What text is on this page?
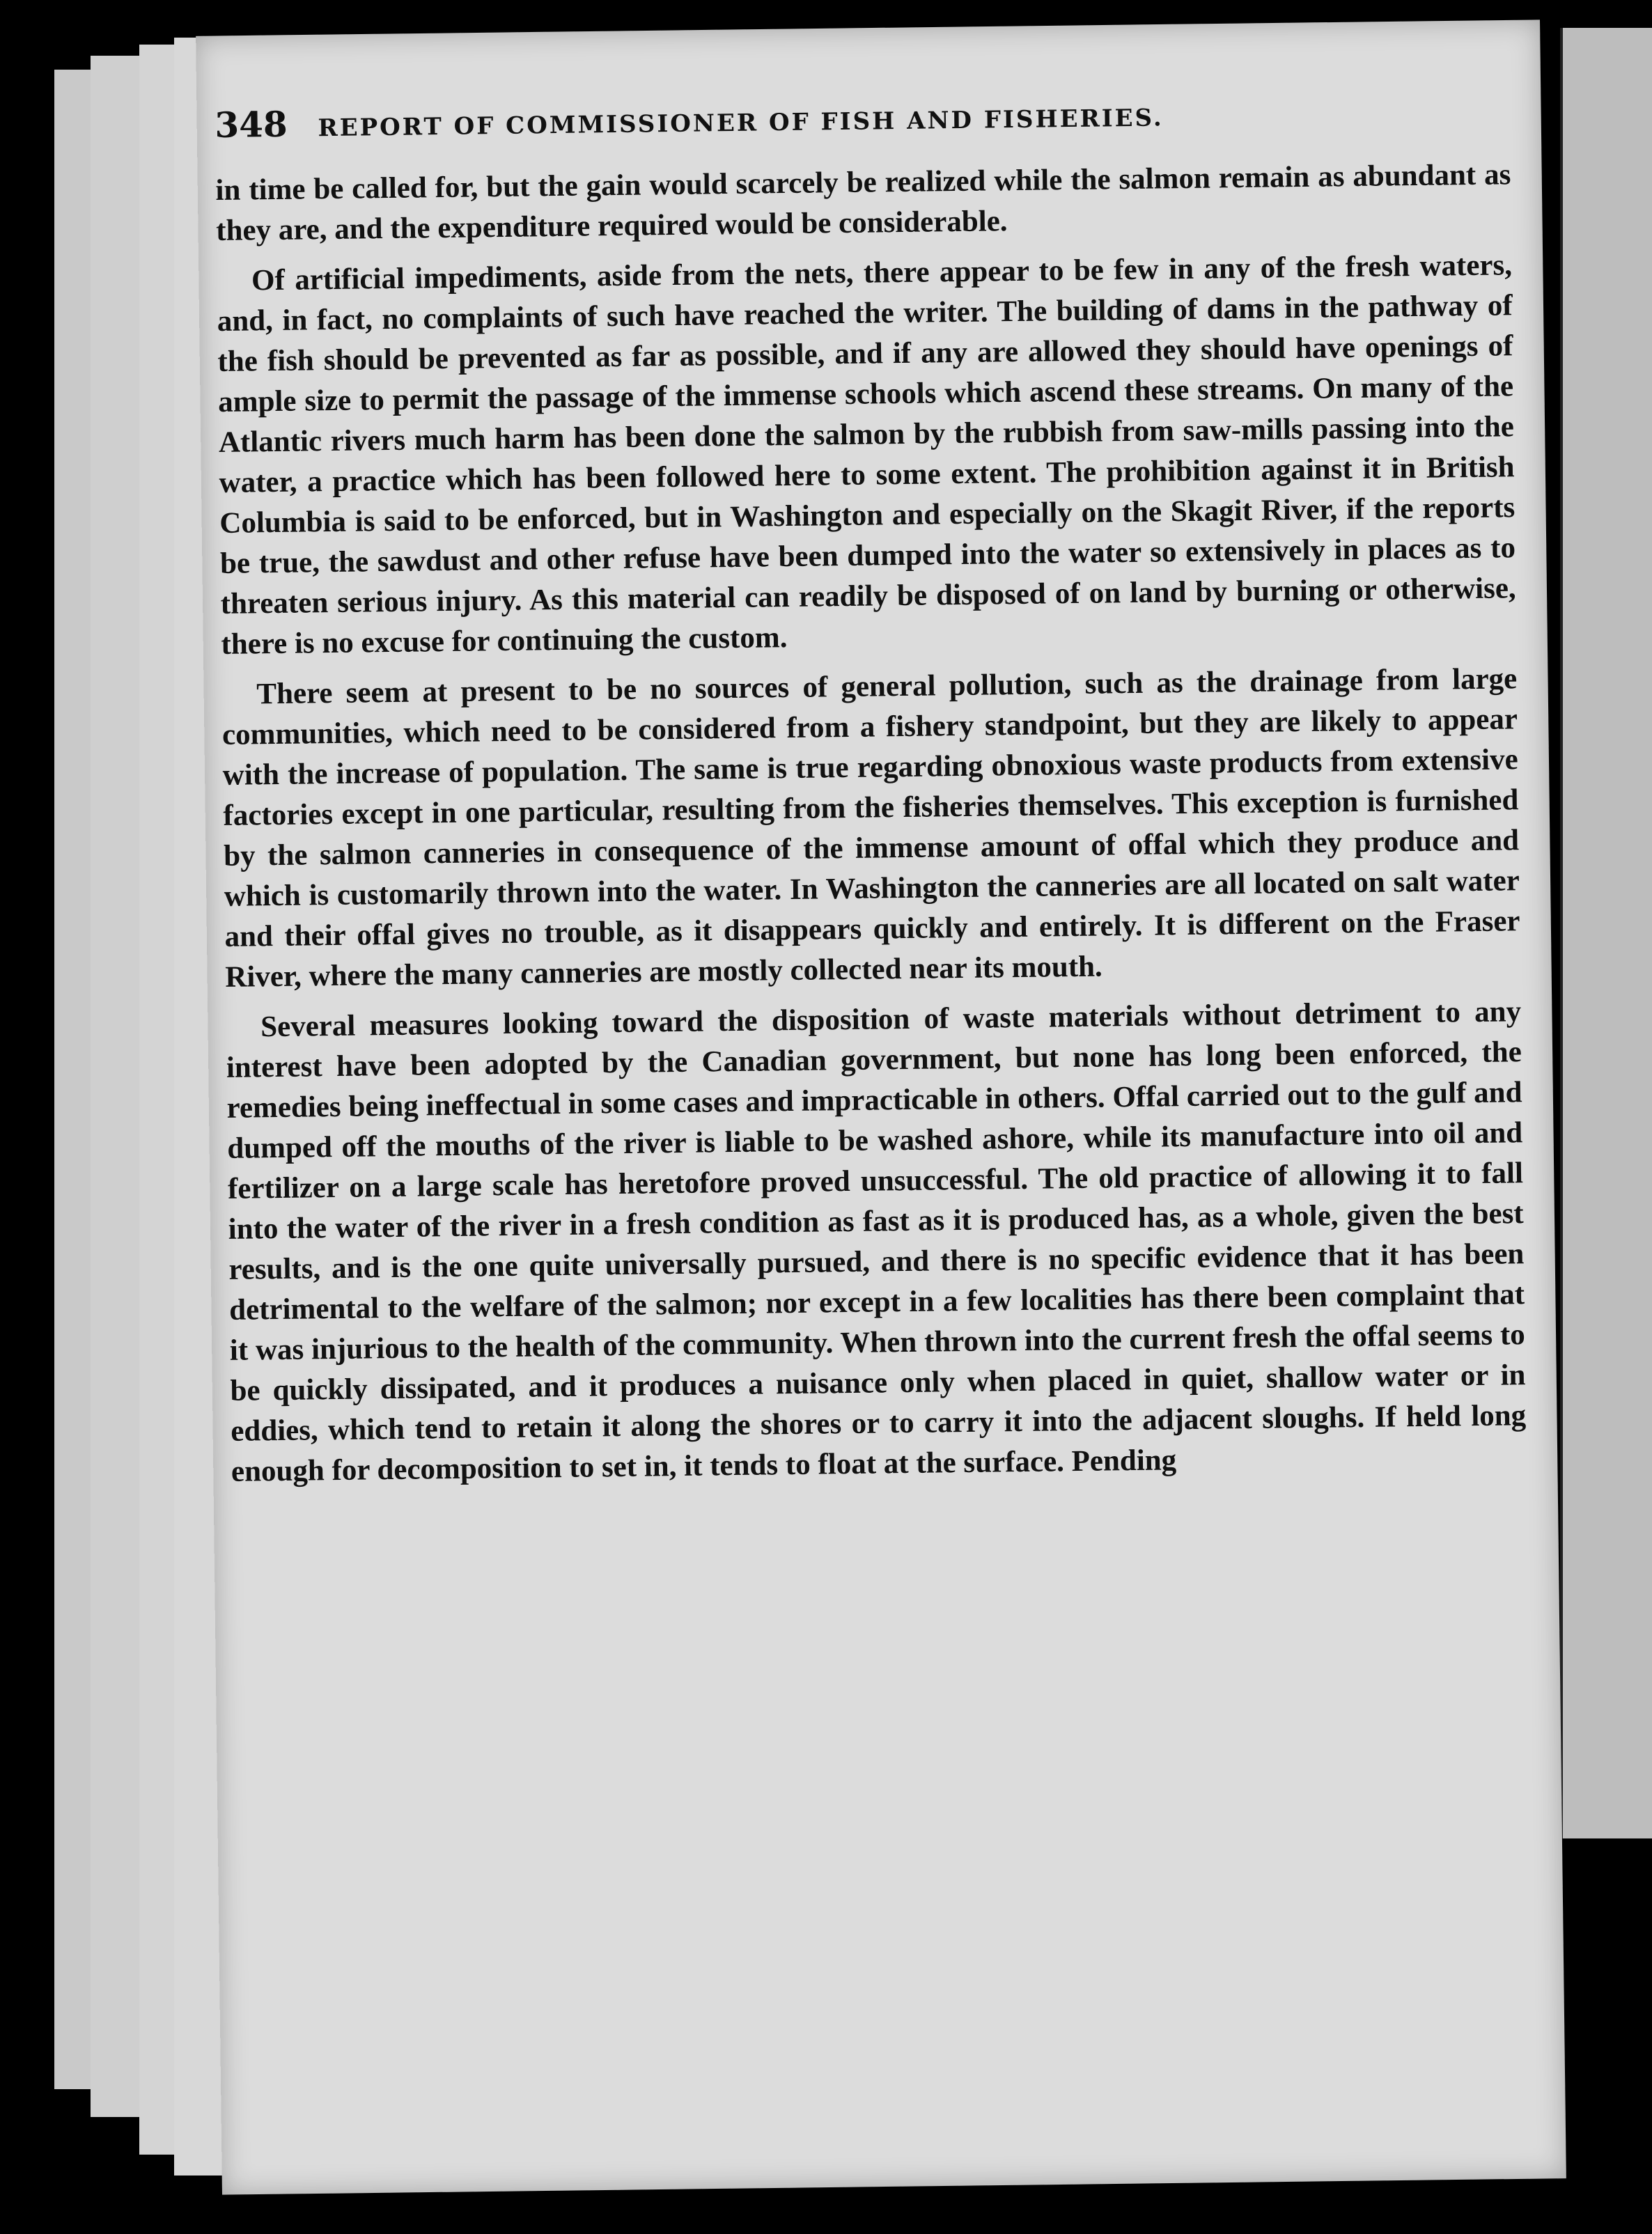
348	REPORT OF COMMISSIONER OF FISH AND FISHERIES.

in time be called for, but the gain would scarcely be realized while the salmon remain as abundant as they are, and the expenditure required would be considerable.

Of artificial impediments, aside from the nets, there appear to be few in any of the fresh waters, and, in fact, no complaints of such have reached the writer. The building of dams in the pathway of the fish should be prevented as far as possible, and if any are allowed they should have openings of ample size to permit the passage of the immense schools which ascend these streams. On many of the Atlantic rivers much harm has been done the salmon by the rubbish from saw-mills passing into the water, a practice which has been followed here to some extent. The prohibition against it in British Columbia is said to be enforced, but in Washington and especially on the Skagit River, if the reports be true, the sawdust and other refuse have been dumped into the water so extensively in places as to threaten serious injury. As this material can readily be disposed of on land by burning or otherwise, there is no excuse for continuing the custom.

There seem at present to be no sources of general pollution, such as the drainage from large communities, which need to be considered from a fishery standpoint, but they are likely to appear with the increase of population. The same is true regarding obnoxious waste products from extensive factories except in one particular, resulting from the fisheries themselves. This exception is furnished by the salmon canneries in consequence of the immense amount of offal which they produce and which is customarily thrown into the water. In Washington the canneries are all located on salt water and their offal gives no trouble, as it disappears quickly and entirely. It is different on the Fraser River, where the many canneries are mostly collected near its mouth.

Several measures looking toward the disposition of waste materials without detriment to any interest have been adopted by the Canadian government, but none has long been enforced, the remedies being ineffectual in some cases and impracticable in others. Offal carried out to the gulf and dumped off the mouths of the river is liable to be washed ashore, while its manufacture into oil and fertilizer on a large scale has heretofore proved unsuccessful. The old practice of allowing it to fall into the water of the river in a fresh condition as fast as it is produced has, as a whole, given the best results, and is the one quite universally pursued, and there is no specific evidence that it has been detrimental to the welfare of the salmon; nor except in a few localities has there been complaint that it was injurious to the health of the community. When thrown into the current fresh the offal seems to be quickly dissipated, and it produces a nuisance only when placed in quiet, shallow water or in eddies, which tend to retain it along the shores or to carry it into the adjacent sloughs. If held long enough for decomposition to set in, it tends to float at the surface. Pending
